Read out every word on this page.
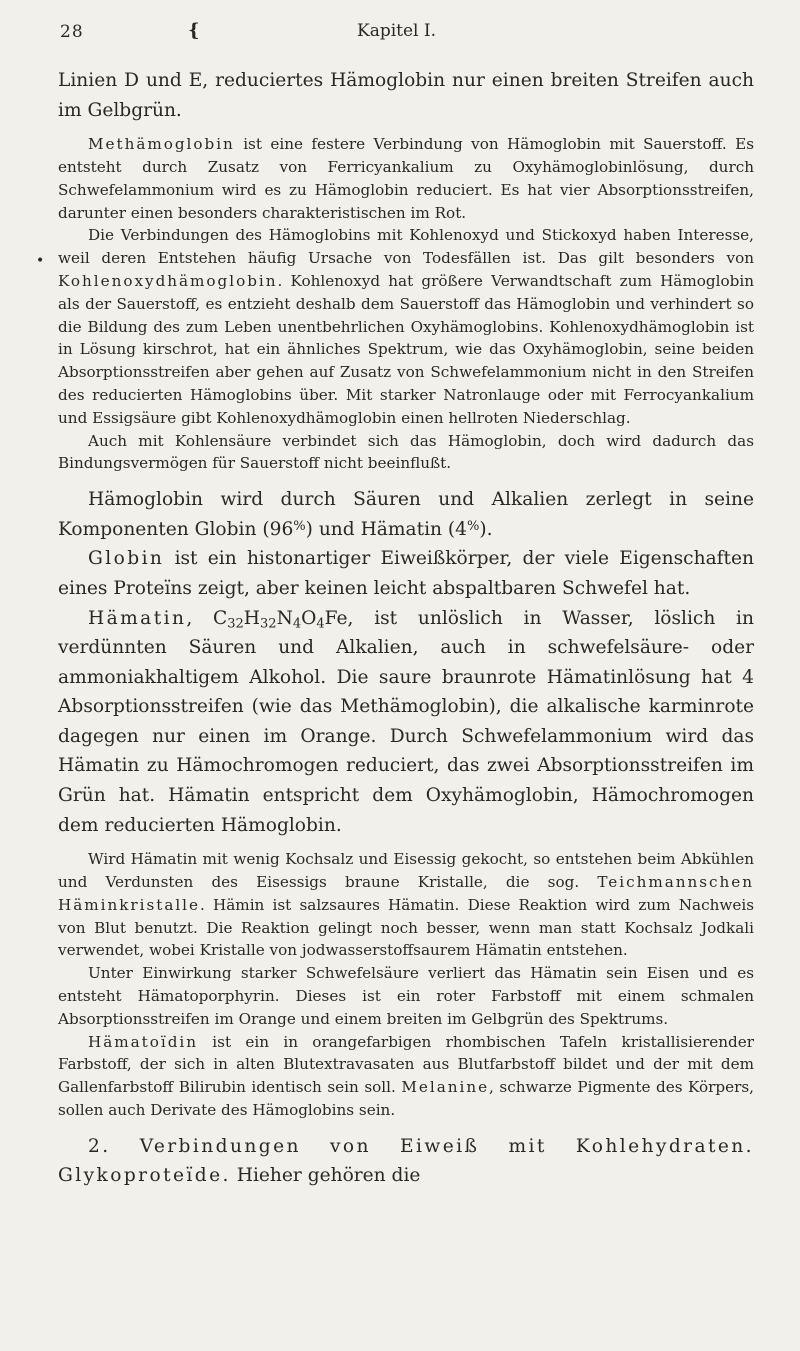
28	{	Kapitel I.
•

Linien D und E, reduciertes Hämoglobin nur einen breiten Streifen auch im Gelbgrün.

Methämoglobin ist eine festere Verbindung von Hämoglobin mit Sauerstoff. Es entsteht durch Zusatz von Ferricyankalium zu Oxyhämoglobinlösung, durch Schwefelammonium wird es zu Hämoglobin reduciert. Es hat vier Absorptionsstreifen, darunter einen besonders charakteristischen im Rot.

Die Verbindungen des Hämoglobins mit Kohlenoxyd und Stickoxyd haben Interesse, weil deren Entstehen häufig Ursache von Todesfällen ist. Das gilt besonders von Kohlenoxydhämoglobin. Kohlenoxyd hat größere Verwandtschaft zum Hämoglobin als der Sauerstoff, es entzieht deshalb dem Sauerstoff das Hämoglobin und verhindert so die Bildung des zum Leben unentbehrlichen Oxyhämoglobins. Kohlenoxydhämoglobin ist in Lösung kirschrot, hat ein ähnliches Spektrum, wie das Oxyhämoglobin, seine beiden Absorptionsstreifen aber gehen auf Zusatz von Schwefelammonium nicht in den Streifen des reducierten Hämoglobins über. Mit starker Natronlauge oder mit Ferrocyankalium und Essigsäure gibt Kohlenoxydhämoglobin einen hellroten Niederschlag.

Auch mit Kohlensäure verbindet sich das Hämoglobin, doch wird dadurch das Bindungsvermögen für Sauerstoff nicht beeinflußt.

Hämoglobin wird durch Säuren und Alkalien zerlegt in seine Komponenten Globin (96%) und Hämatin (4%).

Globin ist ein histonartiger Eiweißkörper, der viele Eigenschaften eines Proteïns zeigt, aber keinen leicht abspaltbaren Schwefel hat.

Hämatin, $C_{32}H_{32}N_4O_4Fe$, ist unlöslich in Wasser, löslich in verdünnten Säuren und Alkalien, auch in schwefelsäure- oder ammoniakhaltigem Alkohol. Die saure braunrote Hämatinlösung hat 4 Absorptionsstreifen (wie das Methämoglobin), die alkalische karminrote dagegen nur einen im Orange. Durch Schwefelammonium wird das Hämatin zu Hämochromogen reduciert, das zwei Absorptionsstreifen im Grün hat. Hämatin entspricht dem Oxyhämoglobin, Hämochromogen dem reducierten Hämoglobin.

Wird Hämatin mit wenig Kochsalz und Eisessig gekocht, so entstehen beim Abkühlen und Verdunsten des Eisessigs braune Kristalle, die sog. Teichmannschen Häminkristalle. Hämin ist salzsaures Hämatin. Diese Reaktion wird zum Nachweis von Blut benutzt. Die Reaktion gelingt noch besser, wenn man statt Kochsalz Jodkali verwendet, wobei Kristalle von jodwasserstoffsaurem Hämatin entstehen.

Unter Einwirkung starker Schwefelsäure verliert das Hämatin sein Eisen und es entsteht Hämatoporphyrin. Dieses ist ein roter Farbstoff mit einem schmalen Absorptionsstreifen im Orange und einem breiten im Gelbgrün des Spektrums.

Hämatoïdin ist ein in orangefarbigen rhombischen Tafeln kristallisierender Farbstoff, der sich in alten Blutextravasaten aus Blutfarbstoff bildet und der mit dem Gallenfarbstoff Bilirubin identisch sein soll. Melanine, schwarze Pigmente des Körpers, sollen auch Derivate des Hämoglobins sein.

2. Verbindungen von Eiweiß mit Kohlehydraten. Glykoproteïde. Hieher gehören die
